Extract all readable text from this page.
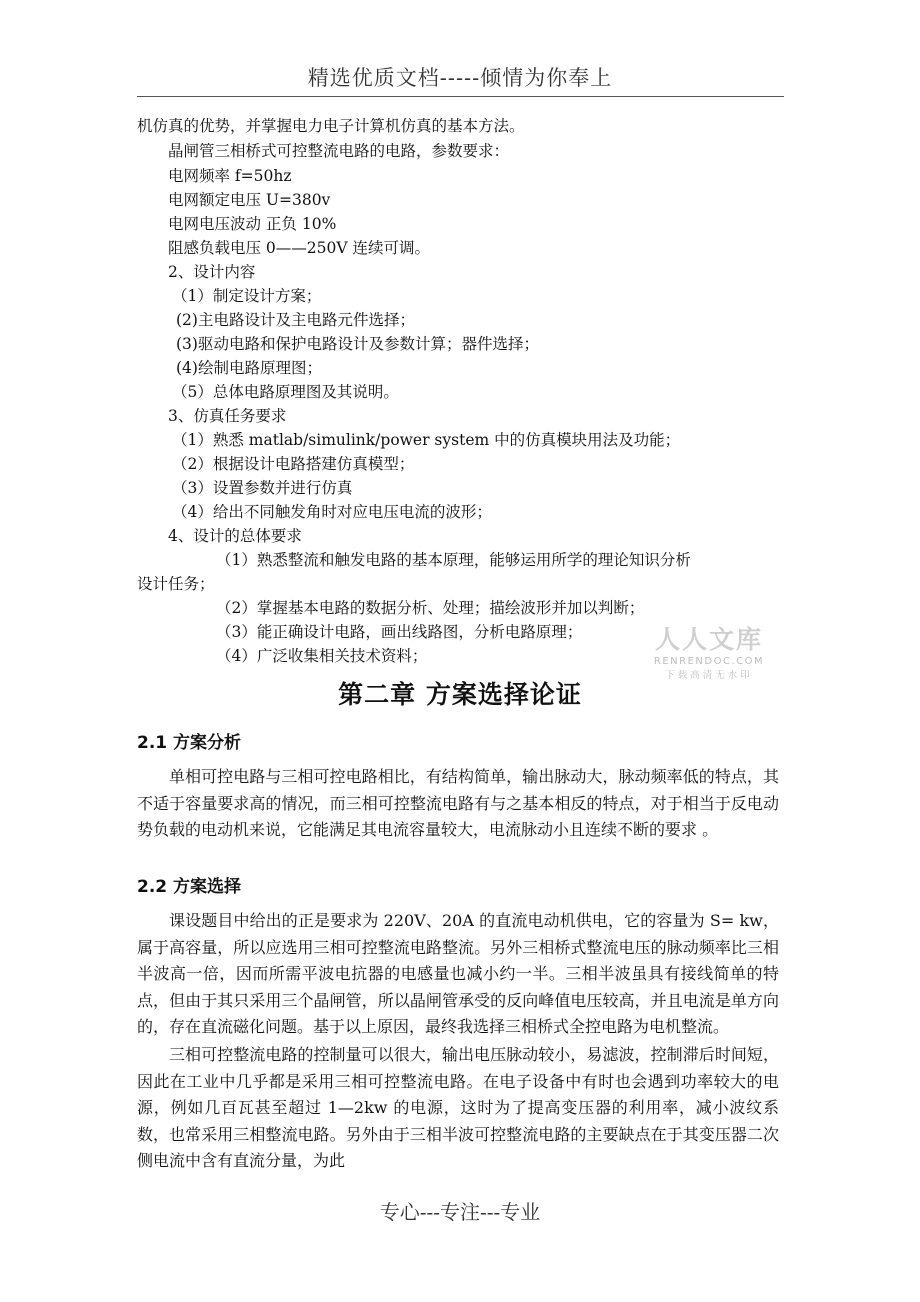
精选优质文档-----倾情为你奉上
机仿真的优势，并掌握电力电子计算机仿真的基本方法。
晶闸管三相桥式可控整流电路的电路，参数要求：
电网频率 f=50hz
电网额定电压 U=380v
电网电压波动 正负 10%
阻感负载电压 0——250V 连续可调。
2、设计内容
（1）制定设计方案；
(2)主电路设计及主电路元件选择；
(3)驱动电路和保护电路设计及参数计算；器件选择；
(4)绘制电路原理图；
（5）总体电路原理图及其说明。
3、仿真任务要求
（1）熟悉 matlab/simulink/power system 中的仿真模块用法及功能；
（2）根据设计电路搭建仿真模型；
（3）设置参数并进行仿真
（4）给出不同触发角时对应电压电流的波形；
4、设计的总体要求
（1）熟悉整流和触发电路的基本原理，能够运用所学的理论知识分析
设计任务；
（2）掌握基本电路的数据分析、处理；描绘波形并加以判断；
（3）能正确设计电路，画出线路图，分析电路原理；
（4）广泛收集相关技术资料；
人人文库
RENRENDOC.COM
下载高清无水印
第二章 方案选择论证
2.1 方案分析

单相可控电路与三相可控电路相比，有结构简单，输出脉动大，脉动频率低的特点，其不适于容量要求高的情况，而三相可控整流电路有与之基本相反的特点，对于相当于反电动势负载的电动机来说，它能满足其电流容量较大，电流脉动小且连续不断的要求 。

2.2 方案选择

课设题目中给出的正是要求为 220V、20A 的直流电动机供电，它的容量为 S= kw，属于高容量，所以应选用三相可控整流电路整流。另外三相桥式整流电压的脉动频率比三相半波高一倍，因而所需平波电抗器的电感量也减小约一半。三相半波虽具有接线简单的特点，但由于其只采用三个晶闸管，所以晶闸管承受的反向峰值电压较高，并且电流是单方向的，存在直流磁化问题。基于以上原因，最终我选择三相桥式全控电路为电机整流。

三相可控整流电路的控制量可以很大，输出电压脉动较小，易滤波，控制滞后时间短，因此在工业中几乎都是采用三相可控整流电路。在电子设备中有时也会遇到功率较大的电源，例如几百瓦甚至超过 1—2kw 的电源，这时为了提高变压器的利用率，减小波纹系数，也常采用三相整流电路。另外由于三相半波可控整流电路的主要缺点在于其变压器二次侧电流中含有直流分量，为此

专心---专注---专业
